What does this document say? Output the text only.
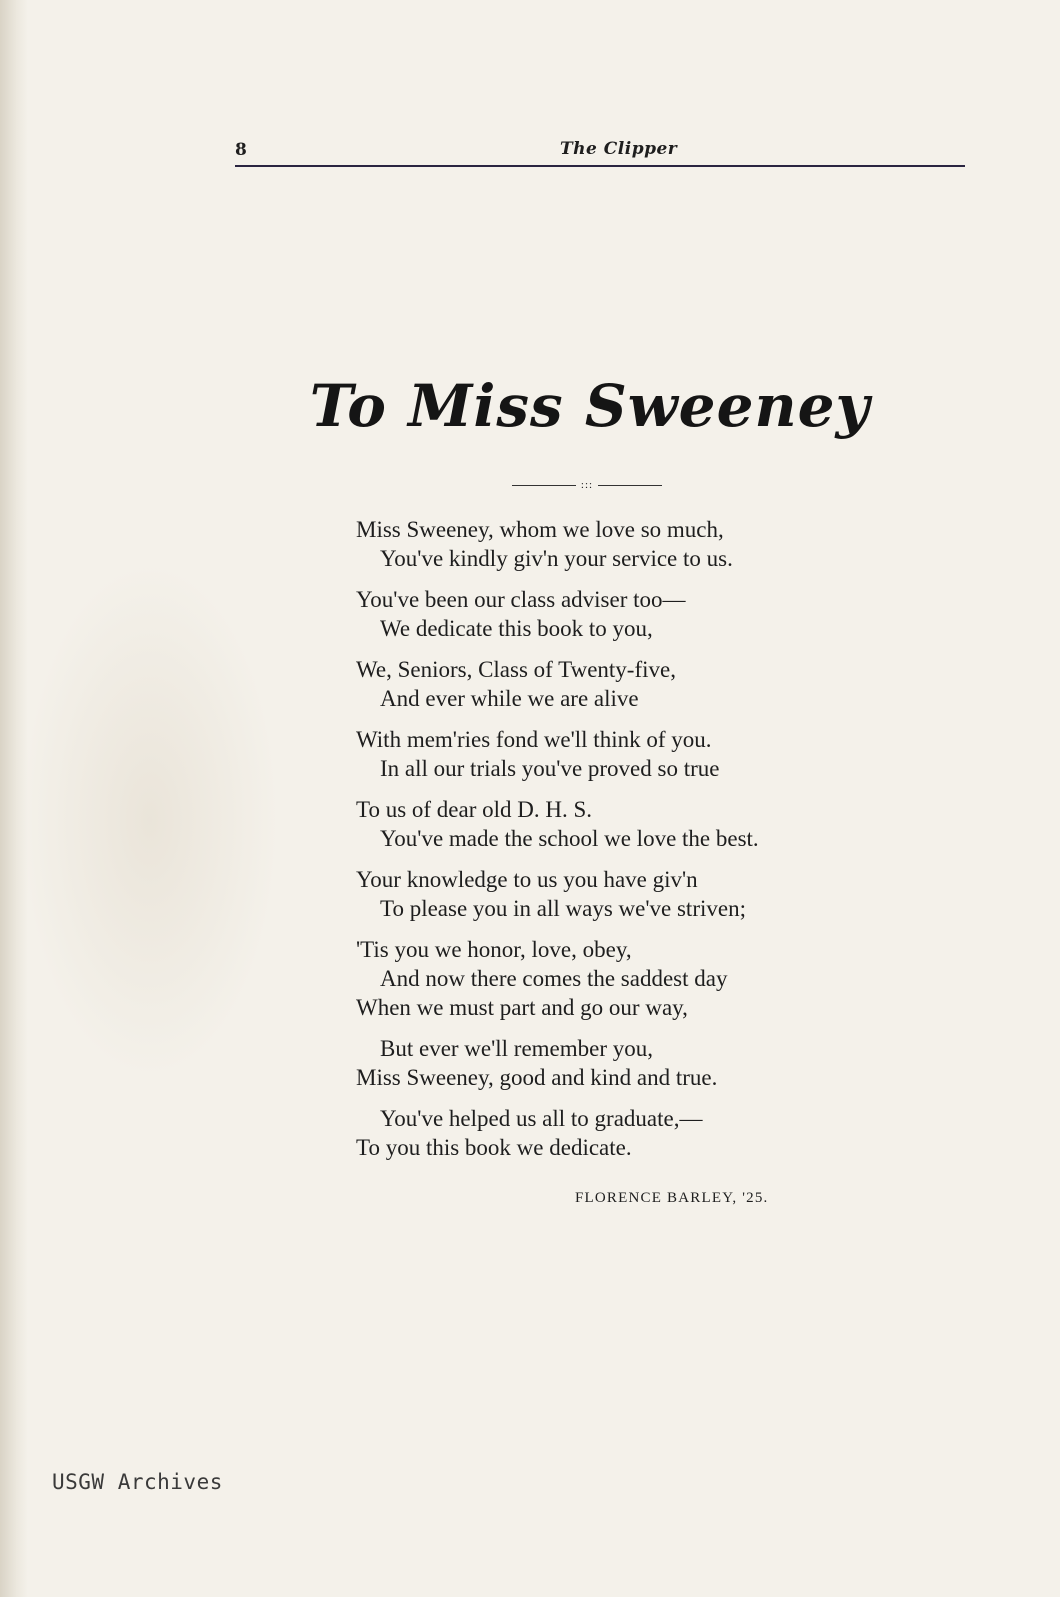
8	The Clipper
To Miss Sweeney
:::
Miss Sweeney, whom we love so much,
You've kindly giv'n your service to us.
You've been our class adviser too—
We dedicate this book to you,
We, Seniors, Class of Twenty-five,
And ever while we are alive
With mem'ries fond we'll think of you.
In all our trials you've proved so true
To us of dear old D. H. S.
You've made the school we love the best.
Your knowledge to us you have giv'n
To please you in all ways we've striven;
'Tis you we honor, love, obey,
And now there comes the saddest day
When we must part and go our way,
But ever we'll remember you,
Miss Sweeney, good and kind and true.
You've helped us all to graduate,—
To you this book we dedicate.
FLORENCE BARLEY, '25.
USGW Archives
